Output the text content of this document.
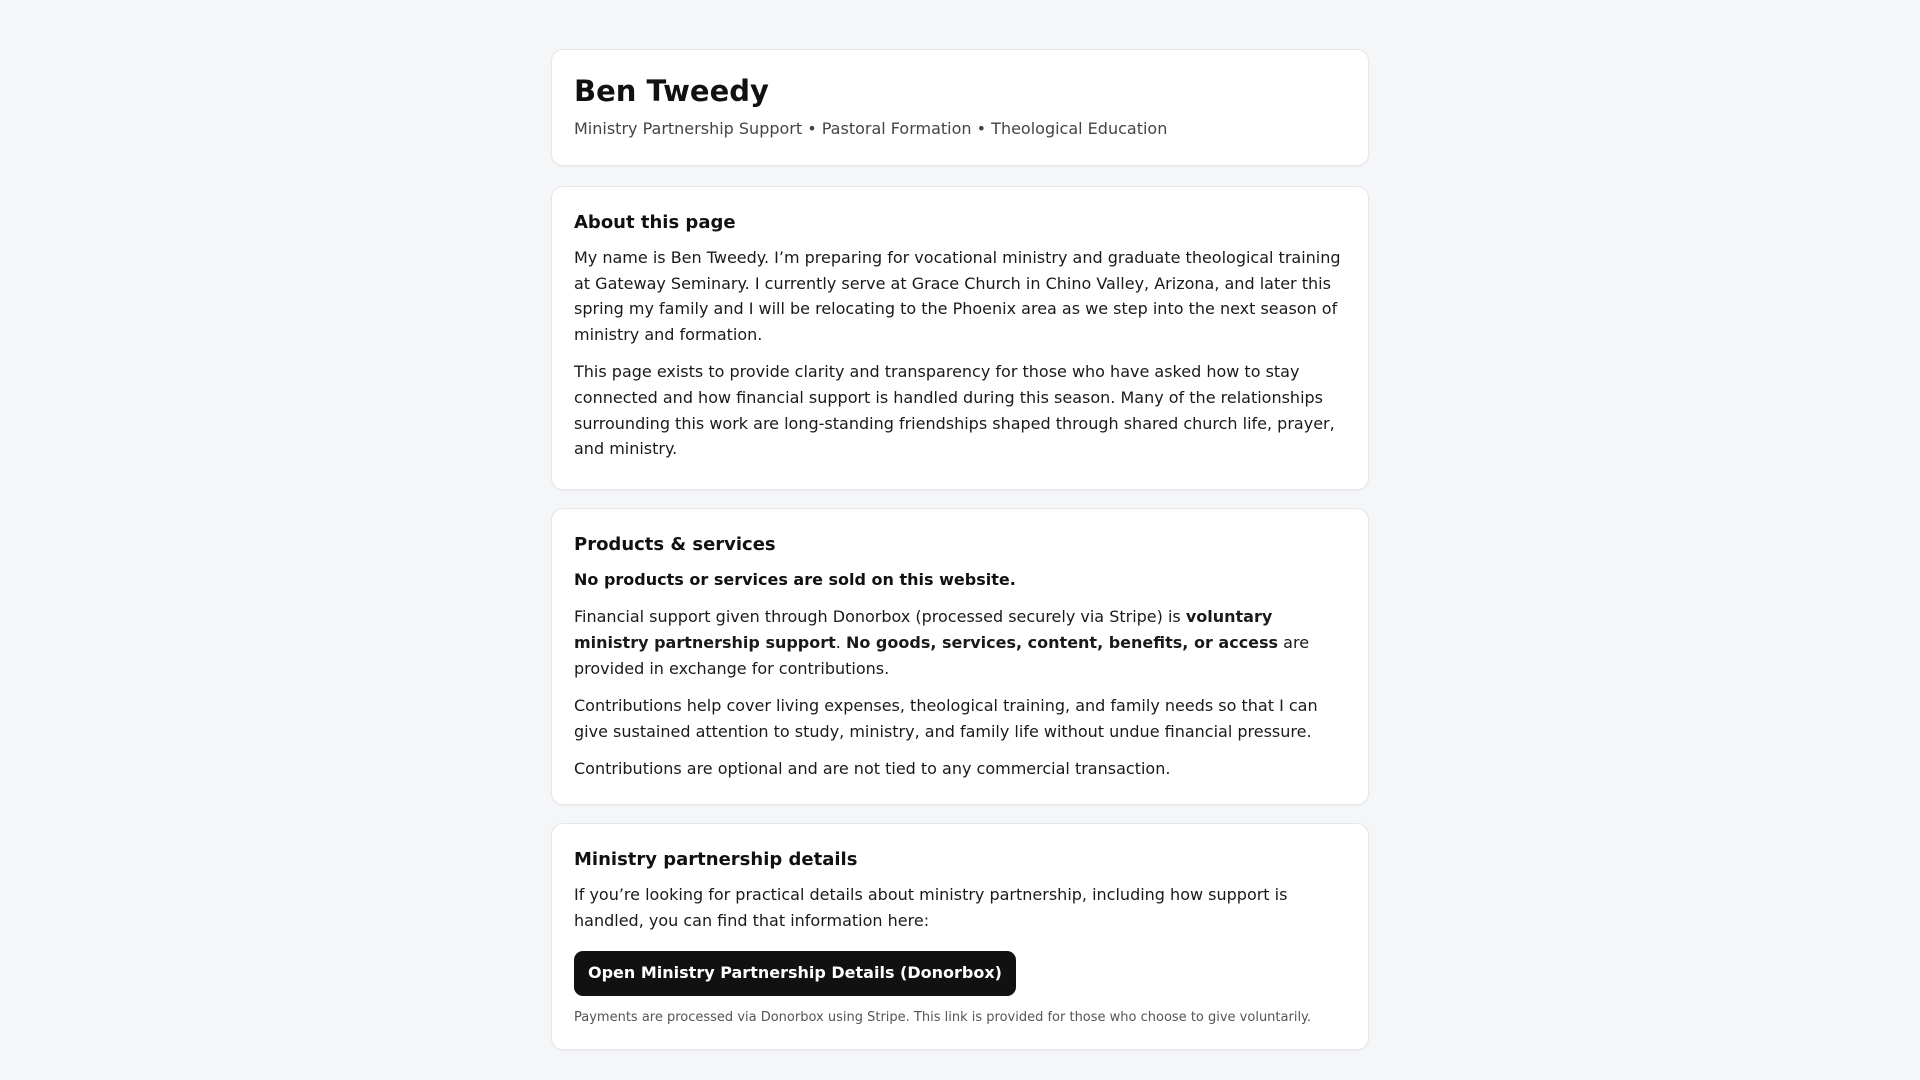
Ben Tweedy

Ministry Partnership Support • Pastoral Formation • Theological Education

About this page

My name is Ben Tweedy. I’m preparing for vocational ministry and graduate theological training at Gateway Seminary. I currently serve at Grace Church in Chino Valley, Arizona, and later this spring my family and I will be relocating to the Phoenix area as we step into the next season of ministry and formation.

This page exists to provide clarity and transparency for those who have asked how to stay connected and how financial support is handled during this season. Many of the relationships surrounding this work are long-standing friendships shaped through shared church life, prayer, and ministry.

Products & services

No products or services are sold on this website.

Financial support given through Donorbox (processed securely via Stripe) is voluntary ministry partnership support. No goods, services, content, benefits, or access are provided in exchange for contributions.

Contributions help cover living expenses, theological training, and family needs so that I can give sustained attention to study, ministry, and family life without undue financial pressure.

Contributions are optional and are not tied to any commercial transaction.

Ministry partnership details

If you’re looking for practical details about ministry partnership, including how support is handled, you can find that information here:

Open Ministry Partnership Details (Donorbox)

Payments are processed via Donorbox using Stripe. This link is provided for those who choose to give voluntarily.
